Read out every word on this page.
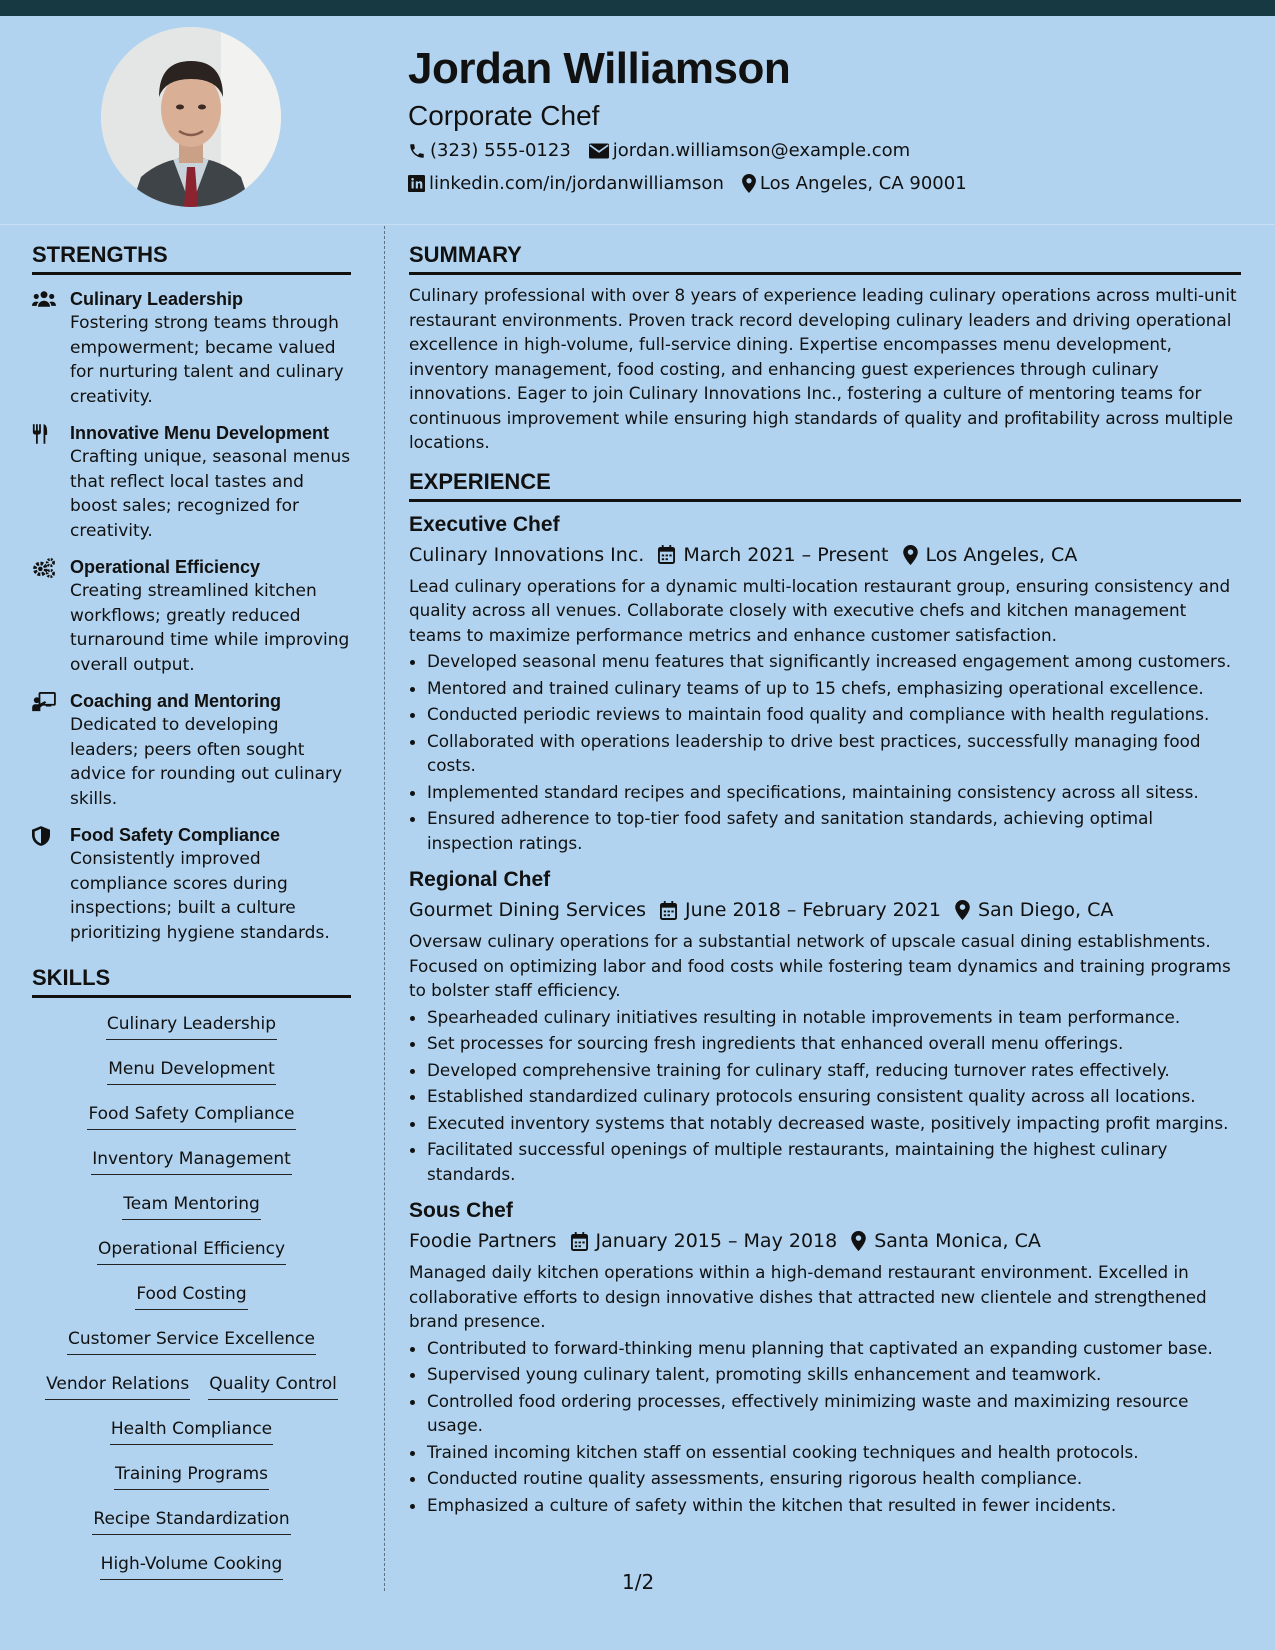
Jordan Williamson
Corporate Chef
(323) 555-0123 jordan.williamson@example.com
linkedin.com/in/jordanwilliamson Los Angeles, CA 90001
STRENGTHS
Culinary Leadership
Fostering strong teams through empowerment; became valued for nurturing talent and culinary creativity.
Innovative Menu Development
Crafting unique, seasonal menus that reflect local tastes and boost sales; recognized for creativity.
Operational Efficiency
Creating streamlined kitchen workflows; greatly reduced turnaround time while improving overall output.
Coaching and Mentoring
Dedicated to developing leaders; peers often sought advice for rounding out culinary skills.
Food Safety Compliance
Consistently improved compliance scores during inspections; built a culture prioritizing hygiene standards.
SKILLS
Culinary Leadership
Menu Development
Food Safety Compliance
Inventory Management
Team Mentoring
Operational Efficiency
Food Costing
Customer Service Excellence
Vendor Relations Quality Control
Health Compliance
Training Programs
Recipe Standardization
High-Volume Cooking
SUMMARY

Culinary professional with over 8 years of experience leading culinary operations across multi-unit restaurant environments. Proven track record developing culinary leaders and driving operational excellence in high-volume, full-service dining. Expertise encompasses menu development, inventory management, food costing, and enhancing guest experiences through culinary innovations. Eager to join Culinary Innovations Inc., fostering a culture of mentoring teams for continuous improvement while ensuring high standards of quality and profitability across multiple locations.

EXPERIENCE
Executive Chef
Culinary Innovations Inc. March 2021 – Present Los Angeles, CA

Lead culinary operations for a dynamic multi-location restaurant group, ensuring consistency and quality across all venues. Collaborate closely with executive chefs and kitchen management teams to maximize performance metrics and enhance customer satisfaction.

• Developed seasonal menu features that significantly increased engagement among customers.
• Mentored and trained culinary teams of up to 15 chefs, emphasizing operational excellence.
• Conducted periodic reviews to maintain food quality and compliance with health regulations.
• Collaborated with operations leadership to drive best practices, successfully managing food costs.
• Implemented standard recipes and specifications, maintaining consistency across all sitess.
• Ensured adherence to top-tier food safety and sanitation standards, achieving optimal inspection ratings.
Regional Chef
Gourmet Dining Services June 2018 – February 2021 San Diego, CA

Oversaw culinary operations for a substantial network of upscale casual dining establishments. Focused on optimizing labor and food costs while fostering team dynamics and training programs to bolster staff efficiency.

• Spearheaded culinary initiatives resulting in notable improvements in team performance.
• Set processes for sourcing fresh ingredients that enhanced overall menu offerings.
• Developed comprehensive training for culinary staff, reducing turnover rates effectively.
• Established standardized culinary protocols ensuring consistent quality across all locations.
• Executed inventory systems that notably decreased waste, positively impacting profit margins.
• Facilitated successful openings of multiple restaurants, maintaining the highest culinary standards.
Sous Chef
Foodie Partners January 2015 – May 2018 Santa Monica, CA

Managed daily kitchen operations within a high-demand restaurant environment. Excelled in collaborative efforts to design innovative dishes that attracted new clientele and strengthened brand presence.

• Contributed to forward-thinking menu planning that captivated an expanding customer base.
• Supervised young culinary talent, promoting skills enhancement and teamwork.
• Controlled food ordering processes, effectively minimizing waste and maximizing resource usage.
• Trained incoming kitchen staff on essential cooking techniques and health protocols.
• Conducted routine quality assessments, ensuring rigorous health compliance.
• Emphasized a culture of safety within the kitchen that resulted in fewer incidents.
1/2
